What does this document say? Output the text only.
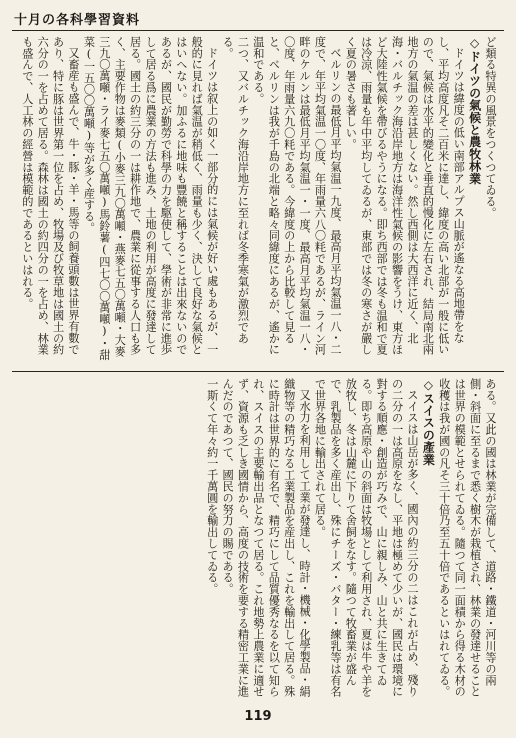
十月の各科學習資料

ど類る特異の風景をつくつてゐる。

◇ドイツの氣候と農牧林業

ドイツは緯度の低い南部アルプス山脈が遙なる高地帶をなし、平均高度凡そ二百米に達し、緯度の高い北部が一般に低いので、氣候は水平的變化と垂直的慢化に左右され、結局南北兩地方の氣温の差は甚しくない。然し西側は大西洋に近く、北海・バルチック海沿岸地方は海洋性氣候の影響をうけ、東方ほど大陸性氣候を帶びるやうになる。即ち西部では冬も温和で夏は冷涼、雨量も年中平均してゐるが、東部では冬の寒さが嚴しく夏の暑さも著しい。

ベルリンの最低月平均氣温一九度、最高月平均氣温一八・二度で、年平均氣温一〇度、年雨量六八〇粍であるが、ライン河畔のケルンは最低月平均氣温一・一度、最高月平均氣温一八・〇度、年雨量六九〇粍である。今緯度の上から比較して見ると、ベルリンは我が千島の北端と略々同緯度にあるが、遙かに温和である。

二つ、又バルチック海沿岸地方に至れば冬季寒氣が激烈である。

ドイツは叙上の如く一部分的には氣候が好い處もあるが、一般的に見れば氣温が稍低く、雨量も少く、決して良好な氣候とはいへない。加ふるに地味も豐饒と稱することは出來ないのであるが、國民が勤勞で科學の力を駆使して、學術が非常に進歩して居る爲に農業の方法も進み、土地の利用が高度に發達して居る。國土の約三分の一は耕作地で、農業に從事する人口も多く、主要作物は麥類(小麥三九〇萬噸・燕麥七五〇萬噸・大麥三九〇萬噸・ライ麥七五〇萬噸)馬鈴薯(四七〇〇萬噸)・甜菜(一五〇〇萬噸)等が多く産する。

又畜産も盛んで、牛・豚・羊・馬等の飼養頭數は世界有數であり、特に豚は世界第一位を占め、牧場及び牧草地は國土の約六分の一を占めて居る。森林は國土の約四分の一を占め、林業も盛んで、人工林の經營は模範的であるといはれる。

ある。又此の國は林業が完備して、道路・鐵道・河川等の兩側・斜面に至るまで悉く樹木が栽植され、林業の發達せることは世界の模範とせられてゐる。隨つて同一面積から得る木材の收穫は我が國の凡そ三十倍乃至五十倍であるといはれてゐる。

◇スイスの產業

スイスは山岳が多く、國內の約三分の二はこれが占め、殘りの二分の一は高原をなし、平地は極めて少いが、國民は環境に對する順應・創造が巧みで、山に親しみ、山と共に生きてゐる。即ち高原や山の斜面は牧場として利用され、夏は牛や羊を放牧し、冬は山麓に下りて舍飼をなす。隨つて牧畜業が盛んで、乳製品を多く産出し、殊にチーズ・バター・練乳等は有名で世界各地に輸出されて居る。

又水力を利用して工業が發達し、時計・機械・化學製品・絹織物等の精巧なる工業製品を産出し、これを輸出して居る。殊に時計は世界的に有名で、精巧にして品質優秀なるを以て知られ、スイスの主要輸出品となつて居る。これ地勢上農業に適せず、資源も乏しき國情から、高度の技術を要する精密工業に進んだのであつて、國民の努力の賜である。

一斯くて年々約一千萬圓を輸出してゐる。

119
